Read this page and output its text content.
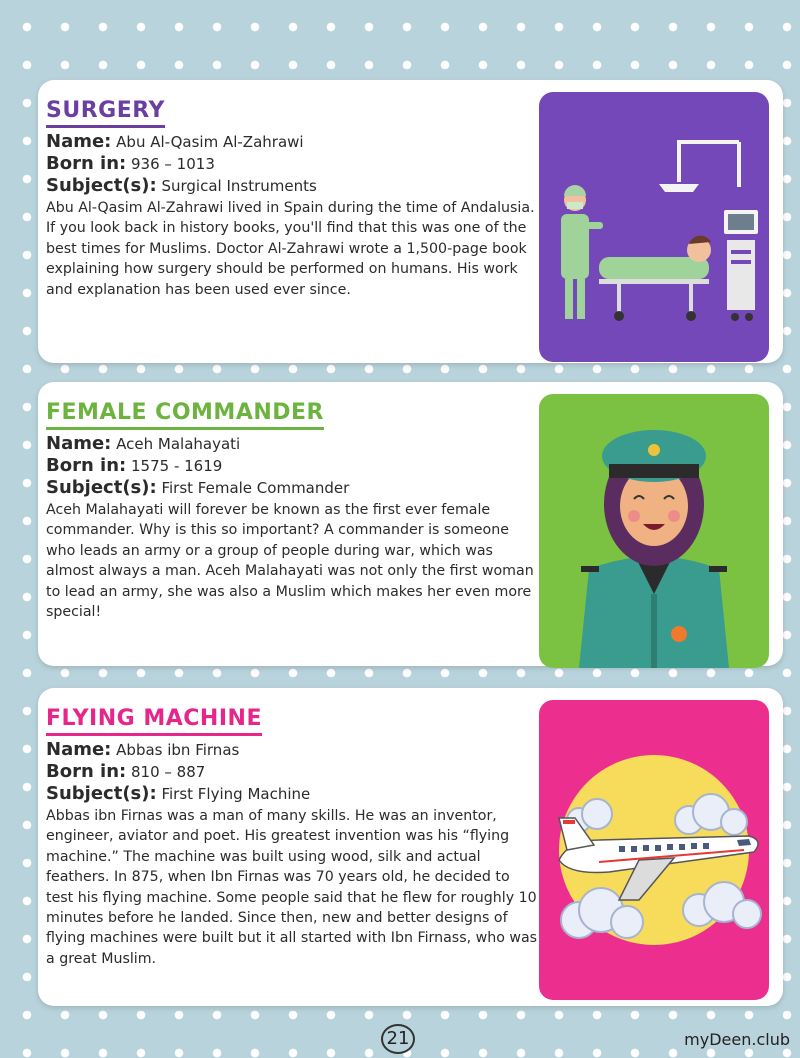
SURGERY
Name: Abu Al-Qasim Al-Zahrawi
Born in: 936 – 1013
Subject(s): Surgical Instruments
Abu Al-Qasim Al-Zahrawi lived in Spain during the time of Andalusia. If you look back in history books, you'll find that this was one of the best times for Muslims. Doctor Al-Zahrawi wrote a 1,500-page book explaining how surgery should be performed on humans. His work and explanation has been used ever since.
FEMALE COMMANDER
Name: Aceh Malahayati
Born in: 1575 - 1619
Subject(s): First Female Commander
Aceh Malahayati will forever be known as the first ever female commander. Why is this so important? A commander is someone who leads an army or a group of people during war, which was almost always a man. Aceh Malahayati was not only the first woman to lead an army, she was also a Muslim which makes her even more special!
FLYING MACHINE
Name: Abbas ibn Firnas
Born in: 810 – 887
Subject(s): First Flying Machine
Abbas ibn Firnas was a man of many skills. He was an inventor, engineer, aviator and poet. His greatest invention was his “flying machine.” The machine was built using wood, silk and actual feathers. In 875, when Ibn Firnas was 70 years old, he decided to test his flying machine. Some people said that he flew for roughly 10 minutes before he landed. Since then, new and better designs of flying machines were built but it all started with Ibn Firnass, who was a great Muslim.
21	myDeen.club
